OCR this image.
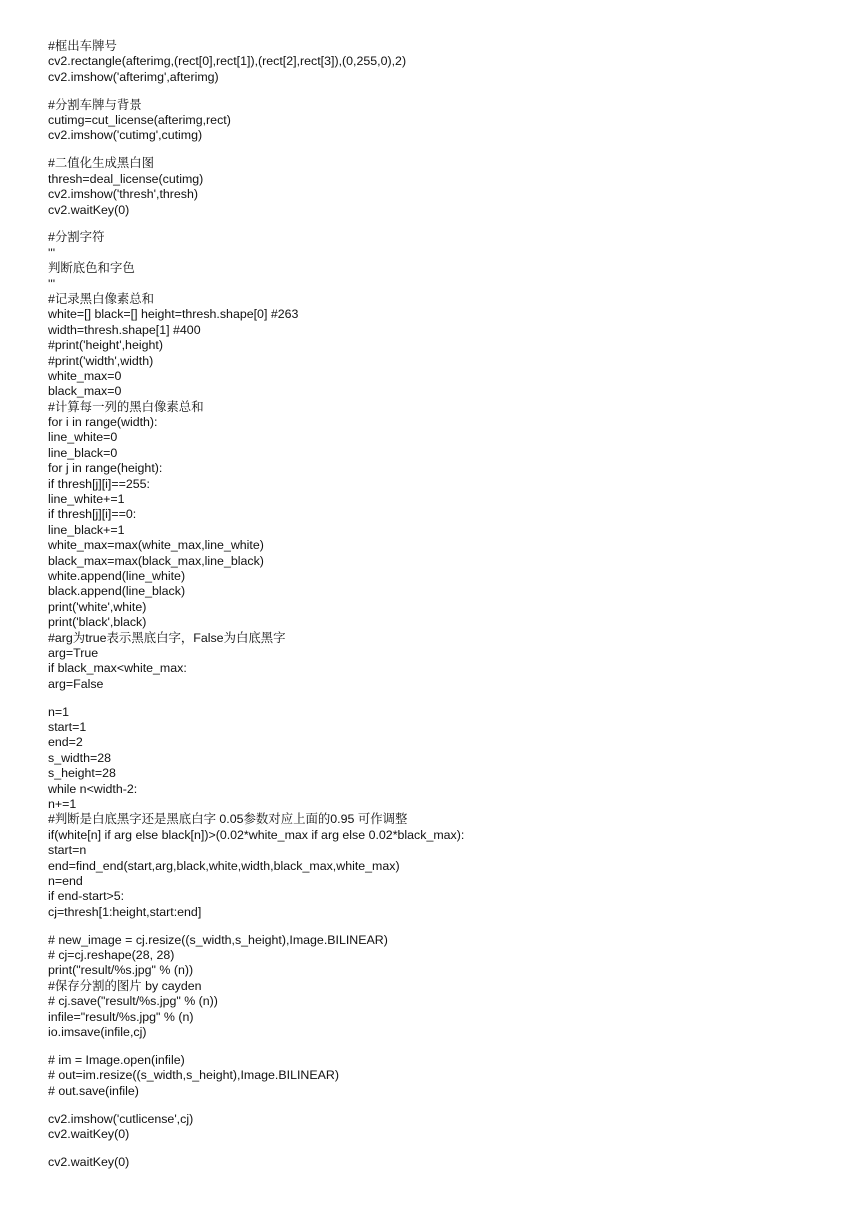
#框出车牌号
cv2.rectangle(afterimg,(rect[0],rect[1]),(rect[2],rect[3]),(0,255,0),2)
cv2.imshow('afterimg',afterimg)
#分割车牌与背景
cutimg=cut_license(afterimg,rect)
cv2.imshow('cutimg',cutimg)
#二值化生成黑白图
thresh=deal_license(cutimg)
cv2.imshow('thresh',thresh)
cv2.waitKey(0)
#分割字符
'''
判断底色和字色
'''
#记录黑白像素总和
white=[] black=[] height=thresh.shape[0] #263
width=thresh.shape[1] #400
#print('height',height)
#print('width',width)
white_max=0
black_max=0
#计算每一列的黑白像素总和
for i in range(width):
line_white=0
line_black=0
for j in range(height):
if thresh[j][i]==255:
line_white+=1
if thresh[j][i]==0:
line_black+=1
white_max=max(white_max,line_white)
black_max=max(black_max,line_black)
white.append(line_white)
black.append(line_black)
print('white',white)
print('black',black)
#arg为true表示黑底白字，False为白底黑字
arg=True
if black_max<white_max:
arg=False
n=1
start=1
end=2
s_width=28
s_height=28
while n<width-2:
n+=1
#判断是白底黑字还是黑底白字 0.05参数对应上面的0.95 可作调整
if(white[n] if arg else black[n])>(0.02*white_max if arg else 0.02*black_max):
start=n
end=find_end(start,arg,black,white,width,black_max,white_max)
n=end
if end-start>5:
cj=thresh[1:height,start:end]
# new_image = cj.resize((s_width,s_height),Image.BILINEAR)
# cj=cj.reshape(28, 28)
print("result/%s.jpg" % (n))
#保存分割的图片 by cayden
# cj.save("result/%s.jpg" % (n))
infile="result/%s.jpg" % (n)
io.imsave(infile,cj)
# im = Image.open(infile)
# out=im.resize((s_width,s_height),Image.BILINEAR)
# out.save(infile)
cv2.imshow('cutlicense',cj)
cv2.waitKey(0)
cv2.waitKey(0)
